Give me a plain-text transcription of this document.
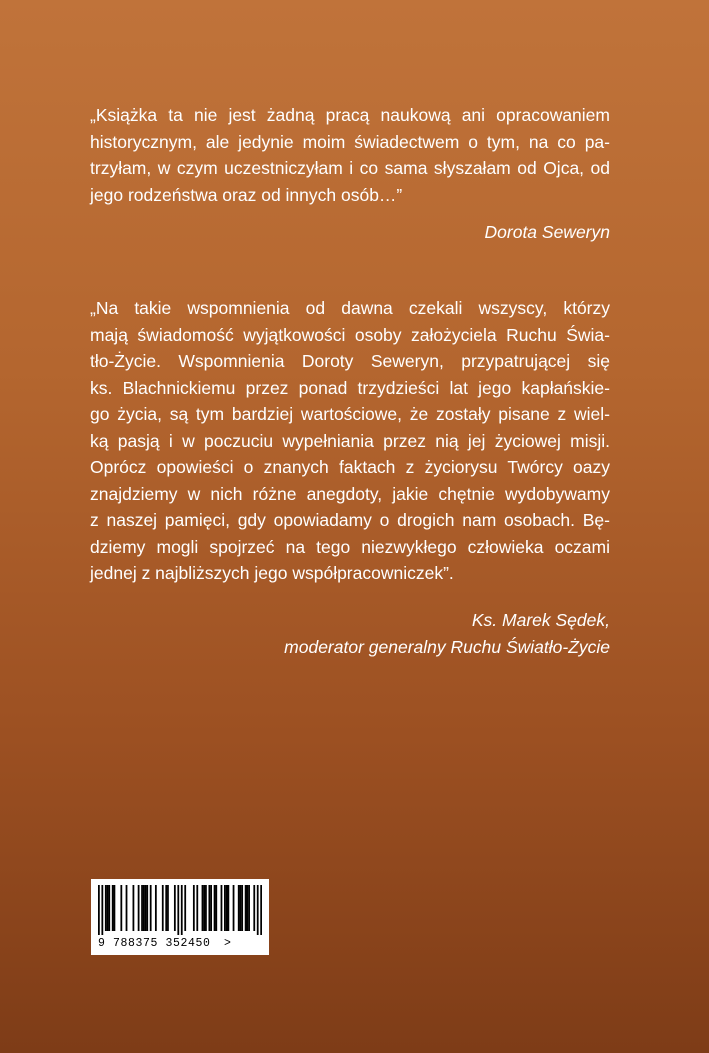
„Książka ta nie jest żadną pracą naukową ani opracowaniem
historycznym, ale jedynie moim świadectwem o tym, na co pa-
trzyłam, w czym uczestniczyłam i co sama słyszałam od Ojca, od
jego rodzeństwa oraz od innych osób…”
Dorota Seweryn
„Na takie wspomnienia od dawna czekali wszyscy, którzy
mają świadomość wyjątkowości osoby założyciela Ruchu Świa-
tło-Życie. Wspomnienia Doroty Seweryn, przypatrującej się
ks. Blachnickiemu przez ponad trzydzieści lat jego kapłańskie-
go życia, są tym bardziej wartościowe, że zostały pisane z wiel-
ką pasją i w poczuciu wypełniania przez nią jej życiowej misji.
Oprócz opowieści o znanych faktach z życiorysu Twórcy oazy
znajdziemy w nich różne anegdoty, jakie chętnie wydobywamy
z naszej pamięci, gdy opowiadamy o drogich nam osobach. Bę-
dziemy mogli spojrzeć na tego niezwykłego człowieka oczami
jednej z najbliższych jego współpracowniczek”.
Ks. Marek Sędek,
moderator generalny Ruchu Światło-Życie
9 788375 352450 >
